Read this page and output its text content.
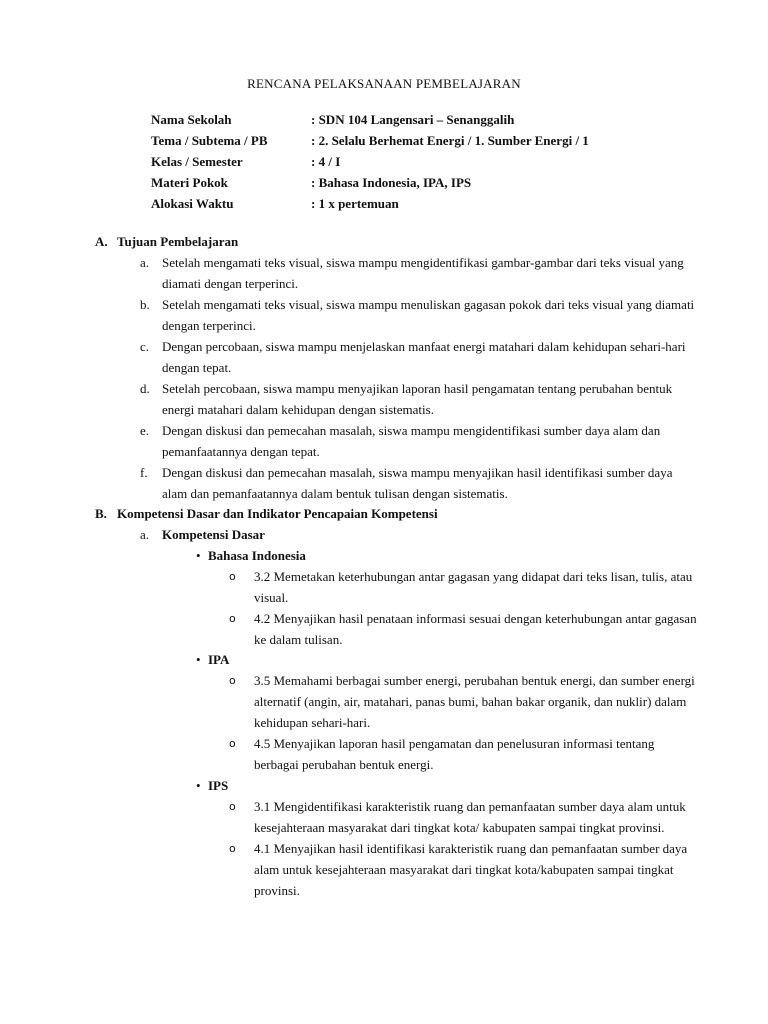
RENCANA PELAKSANAAN PEMBELAJARAN
Nama Sekolah	: SDN 104 Langensari – Senanggalih
Tema / Subtema / PB	: 2. Selalu Berhemat Energi / 1. Sumber Energi / 1
Kelas / Semester	: 4 / I
Materi Pokok	: Bahasa Indonesia, IPA, IPS
Alokasi Waktu	: 1 x pertemuan
A. Tujuan Pembelajaran
a. Setelah mengamati teks visual, siswa mampu mengidentifikasi gambar-gambar dari teks visual yang diamati dengan terperinci.
b. Setelah mengamati teks visual, siswa mampu menuliskan gagasan pokok dari teks visual yang diamati dengan terperinci.
c. Dengan percobaan, siswa mampu menjelaskan manfaat energi matahari dalam kehidupan sehari-hari dengan tepat.
d. Setelah percobaan, siswa mampu menyajikan laporan hasil pengamatan tentang perubahan bentuk energi matahari dalam kehidupan dengan sistematis.
e. Dengan diskusi dan pemecahan masalah, siswa mampu mengidentifikasi sumber daya alam dan pemanfaatannya dengan tepat.
f. Dengan diskusi dan pemecahan masalah, siswa mampu menyajikan hasil identifikasi sumber daya alam dan pemanfaatannya dalam bentuk tulisan dengan sistematis.
B. Kompetensi Dasar dan Indikator Pencapaian Kompetensi
a. Kompetensi Dasar
• Bahasa Indonesia
o 3.2 Memetakan keterhubungan antar gagasan yang didapat dari teks lisan, tulis, atau visual.
o 4.2 Menyajikan hasil penataan informasi sesuai dengan keterhubungan antar gagasan ke dalam tulisan.
• IPA
o 3.5 Memahami berbagai sumber energi, perubahan bentuk energi, dan sumber energi alternatif (angin, air, matahari, panas bumi, bahan bakar organik, dan nuklir) dalam kehidupan sehari-hari.
o 4.5 Menyajikan laporan hasil pengamatan dan penelusuran informasi tentang berbagai perubahan bentuk energi.
• IPS
o 3.1 Mengidentifikasi karakteristik ruang dan pemanfaatan sumber daya alam untuk kesejahteraan masyarakat dari tingkat kota/ kabupaten sampai tingkat provinsi.
o 4.1 Menyajikan hasil identifikasi karakteristik ruang dan pemanfaatan sumber daya alam untuk kesejahteraan masyarakat dari tingkat kota/kabupaten sampai tingkat provinsi.
